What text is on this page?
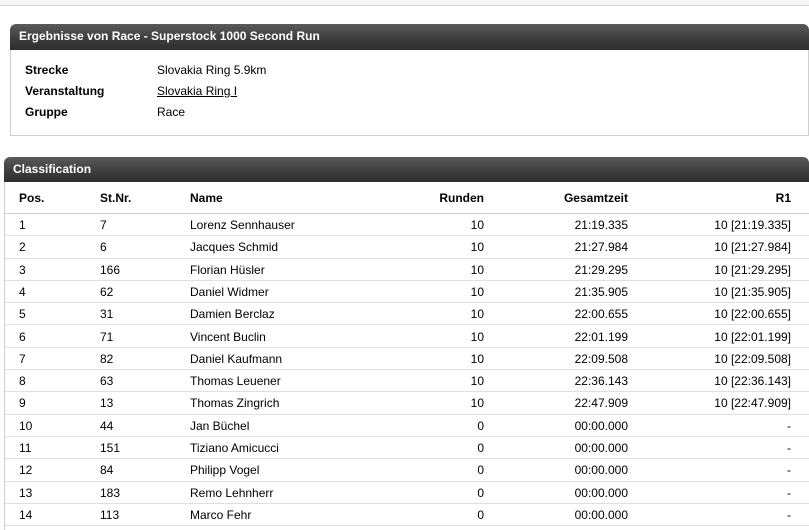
Ergebnisse von Race - Superstock 1000 Second Run
Strecke	Slovakia Ring 5.9km
Veranstaltung	Slovakia Ring I
Gruppe	Race
Classification
Pos.	St.Nr.	Name	Runden	Gesamtzeit	R1
1	7	Lorenz Sennhauser	10	21:19.335	10 [21:19.335]
2	6	Jacques Schmid	10	21:27.984	10 [21:27.984]
3	166	Florian Hüsler	10	21:29.295	10 [21:29.295]
4	62	Daniel Widmer	10	21:35.905	10 [21:35.905]
5	31	Damien Berclaz	10	22:00.655	10 [22:00.655]
6	71	Vincent Buclin	10	22:01.199	10 [22:01.199]
7	82	Daniel Kaufmann	10	22:09.508	10 [22:09.508]
8	63	Thomas Leuener	10	22:36.143	10 [22:36.143]
9	13	Thomas Zingrich	10	22:47.909	10 [22:47.909]
10	44	Jan Büchel	0	00:00.000	-
11	151	Tiziano Amicucci	0	00:00.000	-
12	84	Philipp Vogel	0	00:00.000	-
13	183	Remo Lehnherr	0	00:00.000	-
14	113	Marco Fehr	0	00:00.000	-
